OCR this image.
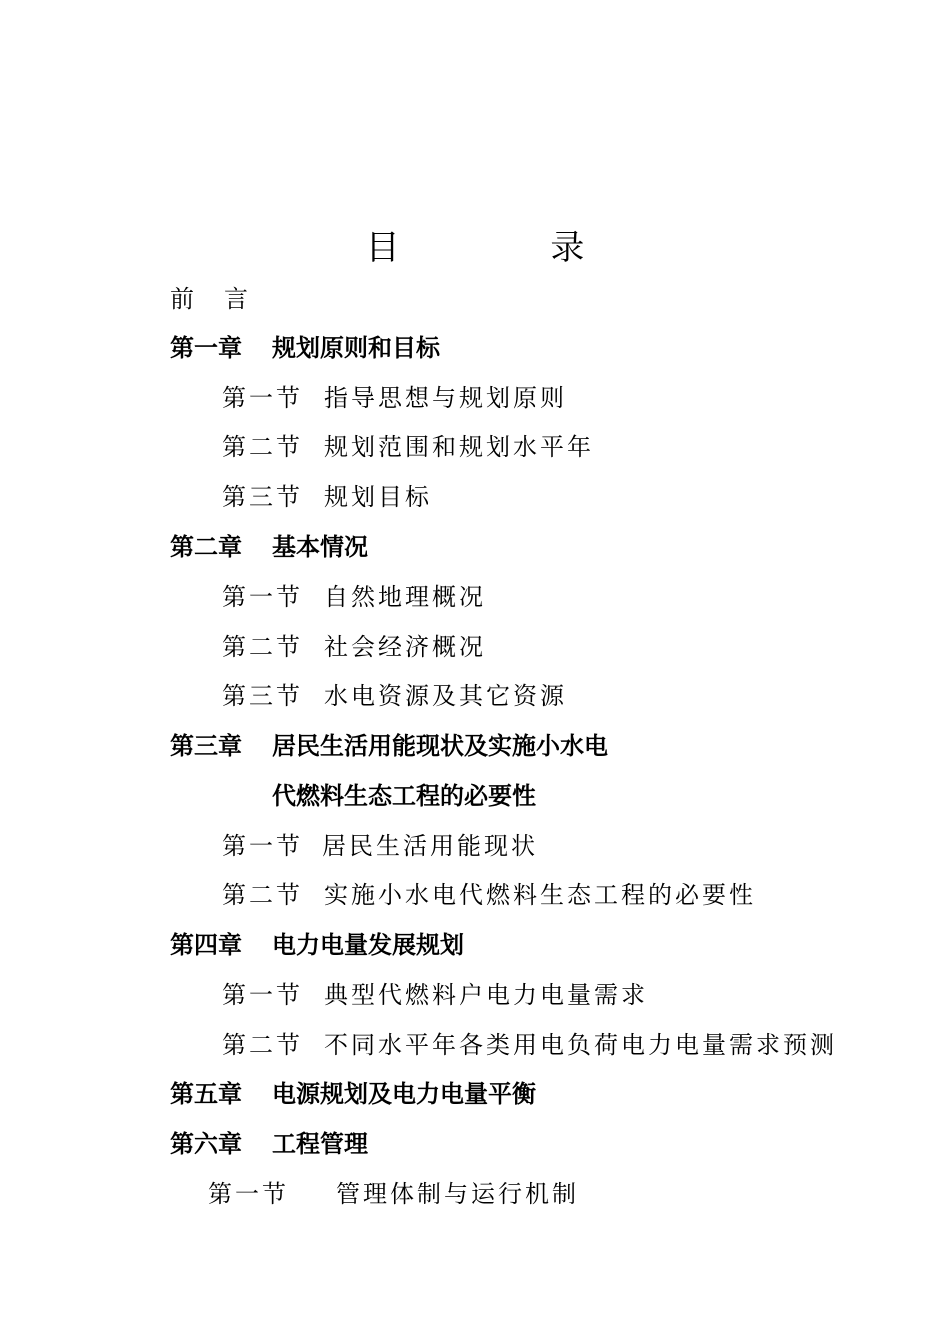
目 录
前言
第一章 规划原则和目标
第一节 指导思想与规划原则
第二节 规划范围和规划水平年
第三节 规划目标
第二章 基本情况
第一节 自然地理概况
第二节 社会经济概况
第三节 水电资源及其它资源
第三章 居民生活用能现状及实施小水电
代燃料生态工程的必要性
第一节 居民生活用能现状
第二节 实施小水电代燃料生态工程的必要性
第四章 电力电量发展规划
第一节 典型代燃料户电力电量需求
第二节 不同水平年各类用电负荷电力电量需求预测
第五章 电源规划及电力电量平衡
第六章 工程管理
第一节 管理体制与运行机制
